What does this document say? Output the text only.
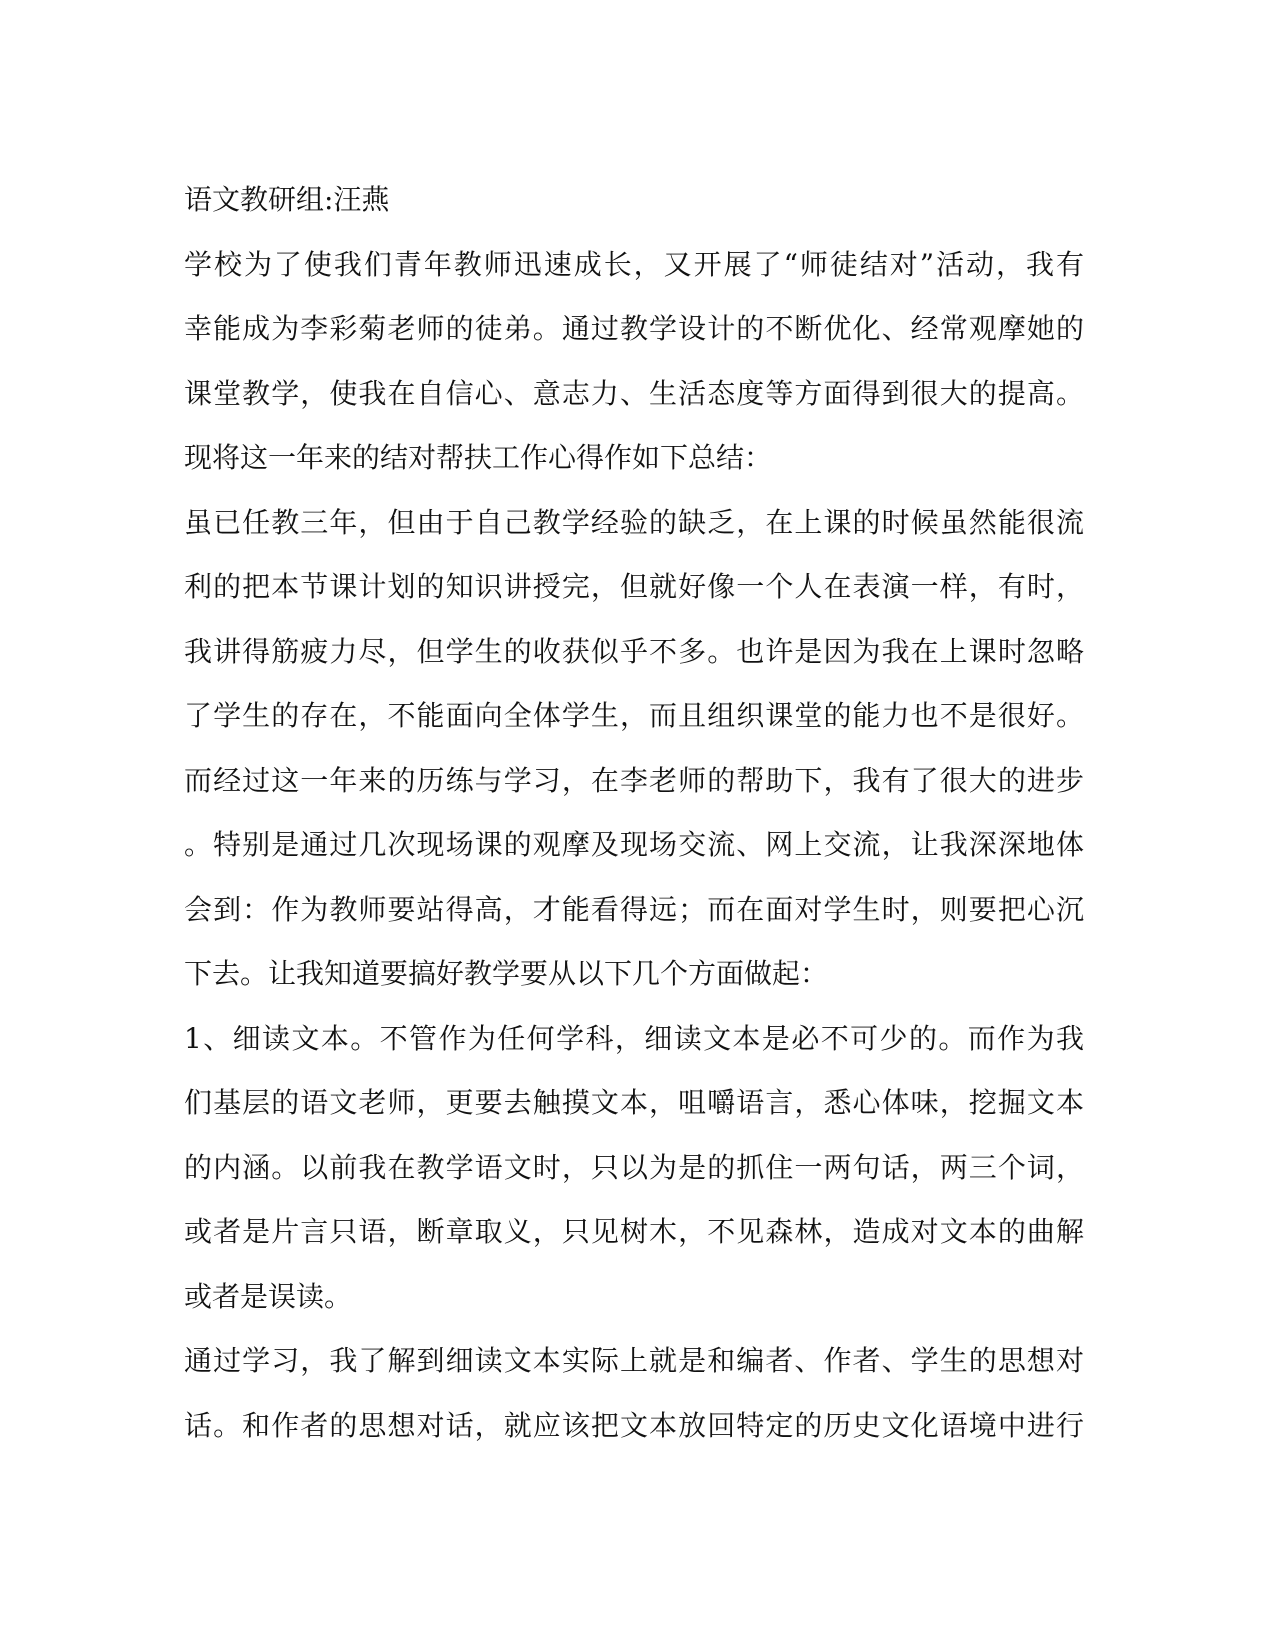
语文教研组:汪燕
学校为了使我们青年教师迅速成长，又开展了“师徒结对”活动，我有
幸能成为李彩菊老师的徒弟。通过教学设计的不断优化、经常观摩她的
课堂教学，使我在自信心、意志力、生活态度等方面得到很大的提高。
现将这一年来的结对帮扶工作心得作如下总结：
虽已任教三年，但由于自己教学经验的缺乏，在上课的时候虽然能很流
利的把本节课计划的知识讲授完，但就好像一个人在表演一样，有时，
我讲得筋疲力尽，但学生的收获似乎不多。也许是因为我在上课时忽略
了学生的存在，不能面向全体学生，而且组织课堂的能力也不是很好。
而经过这一年来的历练与学习，在李老师的帮助下，我有了很大的进步
。特别是通过几次现场课的观摩及现场交流、网上交流，让我深深地体
会到：作为教师要站得高，才能看得远；而在面对学生时，则要把心沉
下去。让我知道要搞好教学要从以下几个方面做起：
1、细读文本。不管作为任何学科，细读文本是必不可少的。而作为我
们基层的语文老师，更要去触摸文本，咀嚼语言，悉心体味，挖掘文本
的内涵。以前我在教学语文时，只以为是的抓住一两句话，两三个词，
或者是片言只语，断章取义，只见树木，不见森林，造成对文本的曲解
或者是误读。
通过学习，我了解到细读文本实际上就是和编者、作者、学生的思想对
话。和作者的思想对话，就应该把文本放回特定的历史文化语境中进行
